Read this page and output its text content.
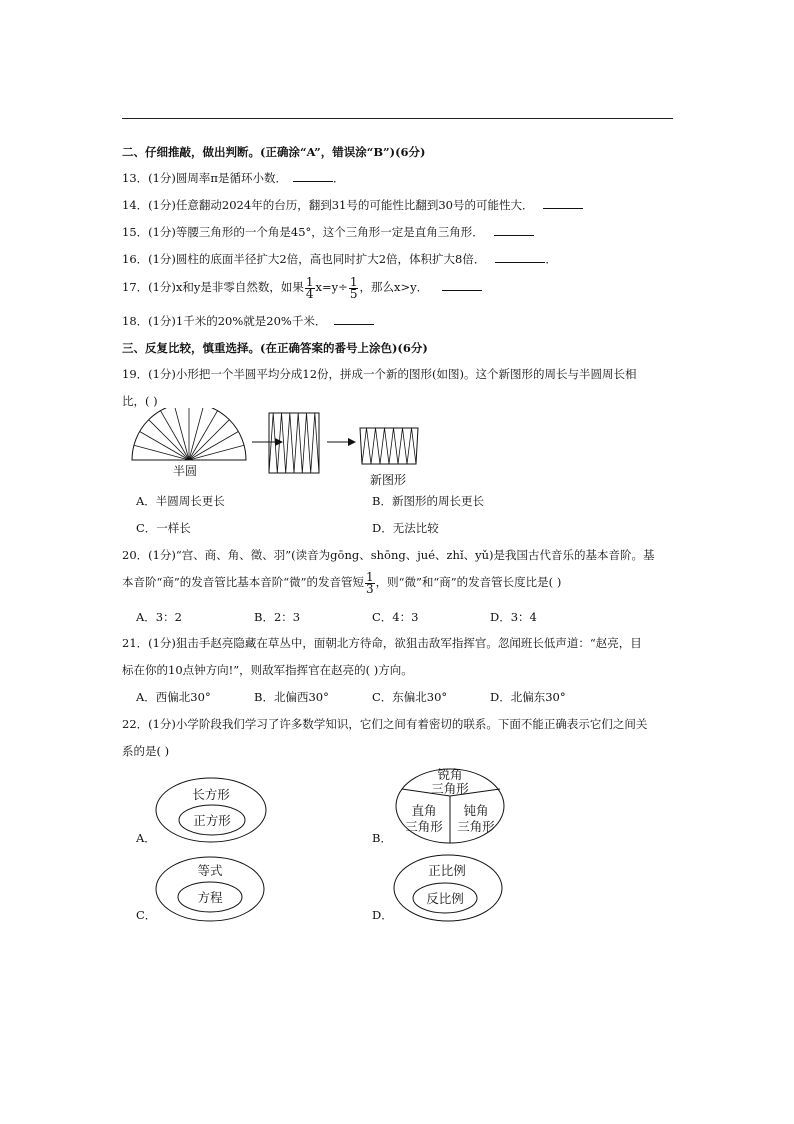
二、仔细推敲，做出判断。(正确涂“A”，错误涂“B”)(6分)
13．(1分)圆周率π是循环小数．	．
14．(1分)任意翻动2024年的台历，翻到31号的可能性比翻到30号的可能性大．
15．(1分)等腰三角形的一个角是45°，这个三角形一定是直角三角形．
16．(1分)圆柱的底面半径扩大2倍，高也同时扩大2倍，体积扩大8倍．	．
17．(1分)x和y是非零自然数，如果 $\frac{1}{4} x=y\div \frac{1}{5}$ ，那么x>y．
18．(1分)1千米的20%就是20%千米．
三、反复比较，慎重选择。(在正确答案的番号上涂色)(6分)
19．(1分)小形把一个半圆平均分成12份，拼成一个新的图形(如图)。这个新图形的周长与半圆周长相
比，( )
半圆
新图形
A．半圆周长更长	B．新图形的周长更长
C．一样长	D．无法比较
20．(1分)“宫、商、角、徵、羽”(读音为gōng、shōng、jué、zhǐ、yǔ)是我国古代音乐的基本音阶。基
本音阶“商”的发音管比基本音阶“微”的发音管短 $\frac{1}{3}$ ，则“微”和“商”的发音管长度比是( )
A．3：2	B．2：3	C．4：3	D．3：4
21．(1分)狙击手赵亮隐藏在草丛中，面朝北方待命，欲狙击敌军指挥官。忽闻班长低声道：“赵亮，目
标在你的10点钟方向!”，则敌军指挥官在赵亮的( )方向。
A．西偏北30°	B．北偏西30°	C．东偏北30°	D．北偏东30°
22．(1分)小学阶段我们学习了许多数学知识，它们之间有着密切的联系。下面不能正确表示它们之间关
系的是( )
A．
长方形
正方形
B．
锐角
三角形
直角
三角形
钝角
三角形
C．
等式
方程
D．
正比例
反比例
